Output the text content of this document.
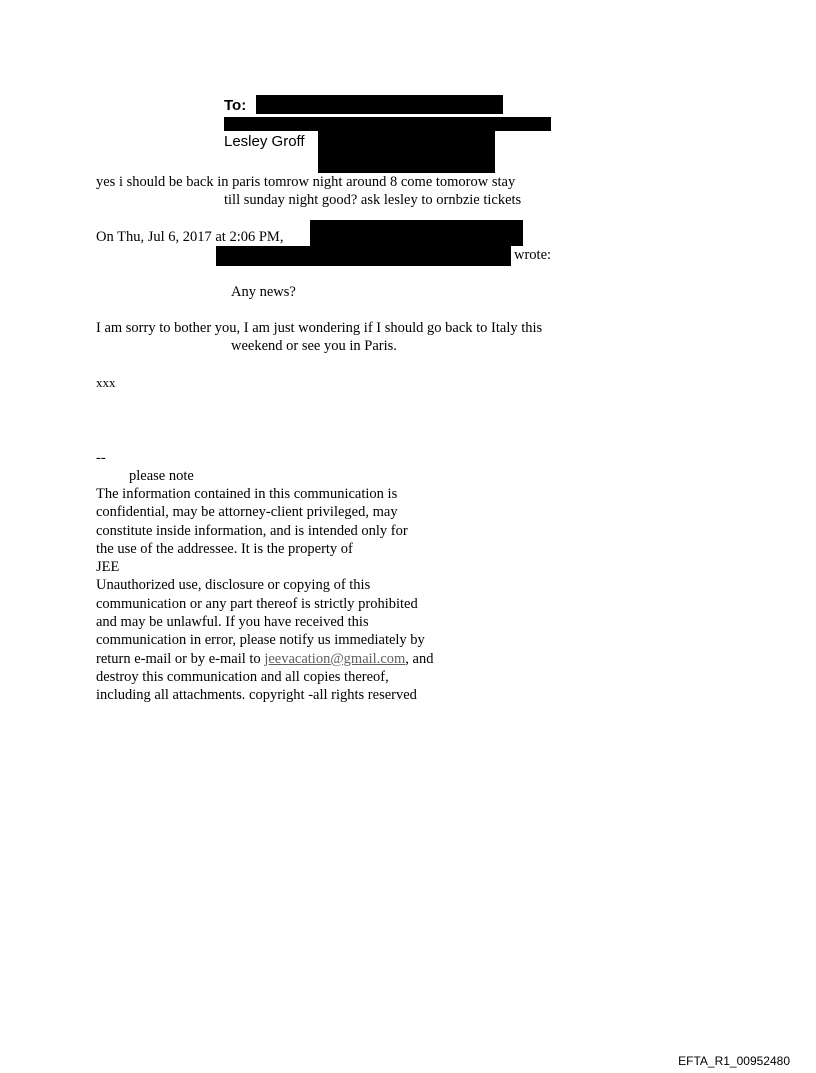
To:
Lesley Groff
yes i should be back in paris tomrow night around 8 come tomorow stay
till sunday night good? ask lesley to ornbzie tickets
On Thu, Jul 6, 2017 at 2:06 PM,
wrote:
Any news?
I am sorry to bother you, I am just wondering if I should go back to Italy this
weekend or see you in Paris.
xxx
--
please note
The information contained in this communication is
confidential, may be attorney-client privileged, may
constitute inside information, and is intended only for
the use of the addressee. It is the property of
JEE
Unauthorized use, disclosure or copying of this
communication or any part thereof is strictly prohibited
and may be unlawful. If you have received this
communication in error, please notify us immediately by
return e-mail or by e-mail to jeevacation@gmail.com, and
destroy this communication and all copies thereof,
including all attachments. copyright -all rights reserved
EFTA_R1_00952480
